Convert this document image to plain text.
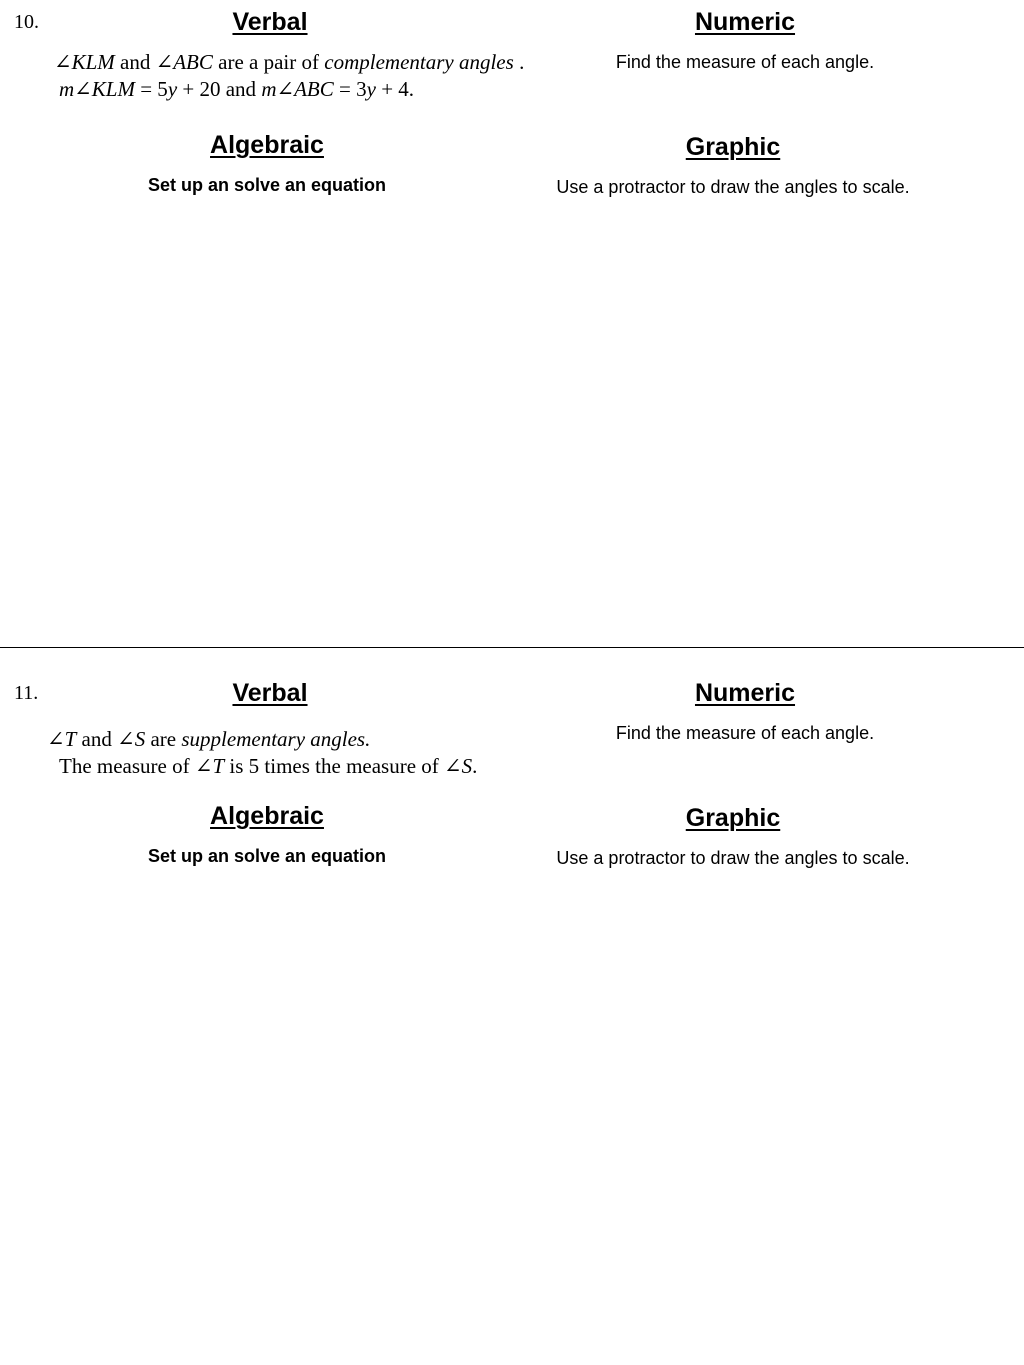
10.	Verbal	Numeric
∠KLM and ∠ABC are a pair of complementary angles .
m∠KLM = 5y + 20 and m∠ABC = 3y + 4.
Find the measure of each angle.
Algebraic	Graphic
Set up an solve an equation	Use a protractor to draw the angles to scale.
11.	Verbal	Numeric
∠T and ∠S are supplementary angles.
The measure of ∠T is 5 times the measure of ∠S.
Find the measure of each angle.
Algebraic	Graphic
Set up an solve an equation	Use a protractor to draw the angles to scale.
